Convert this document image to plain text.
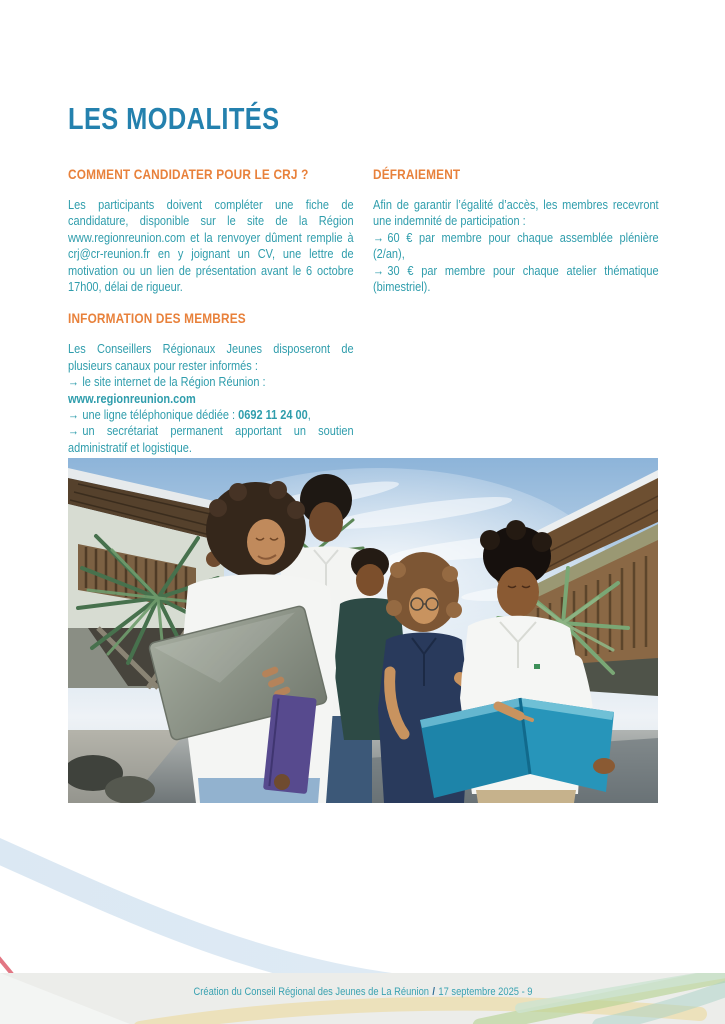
LES MODALITÉS
COMMENT CANDIDATER POUR LE CRJ ?

Les participants doivent compléter une fiche de candidature, disponible sur le site de la Région www.regionreunion.com et la renvoyer dûment remplie à crj@cr-reunion.fr en y joignant un CV, une lettre de motivation ou un lien de présentation avant le 6 octobre 17h00, délai de rigueur.

INFORMATION DES MEMBRES

Les Conseillers Régionaux Jeunes disposeront de plusieurs canaux pour rester informés :
→ le site internet de la Région Réunion :
www.regionreunion.com
→ une ligne téléphonique dédiée : 0692 11 24 00,
→ un secrétariat permanent apportant un soutien administratif et logistique.

DÉFRAIEMENT

Afin de garantir l’égalité d’accès, les membres recevront une indemnité de participation :
→ 60 € par membre pour chaque assemblée plénière (2/an),
→ 30 € par membre pour chaque atelier thématique (bimestriel).

Création du Conseil Régional des Jeunes de La Réunion / 17 septembre 2025 - 9
